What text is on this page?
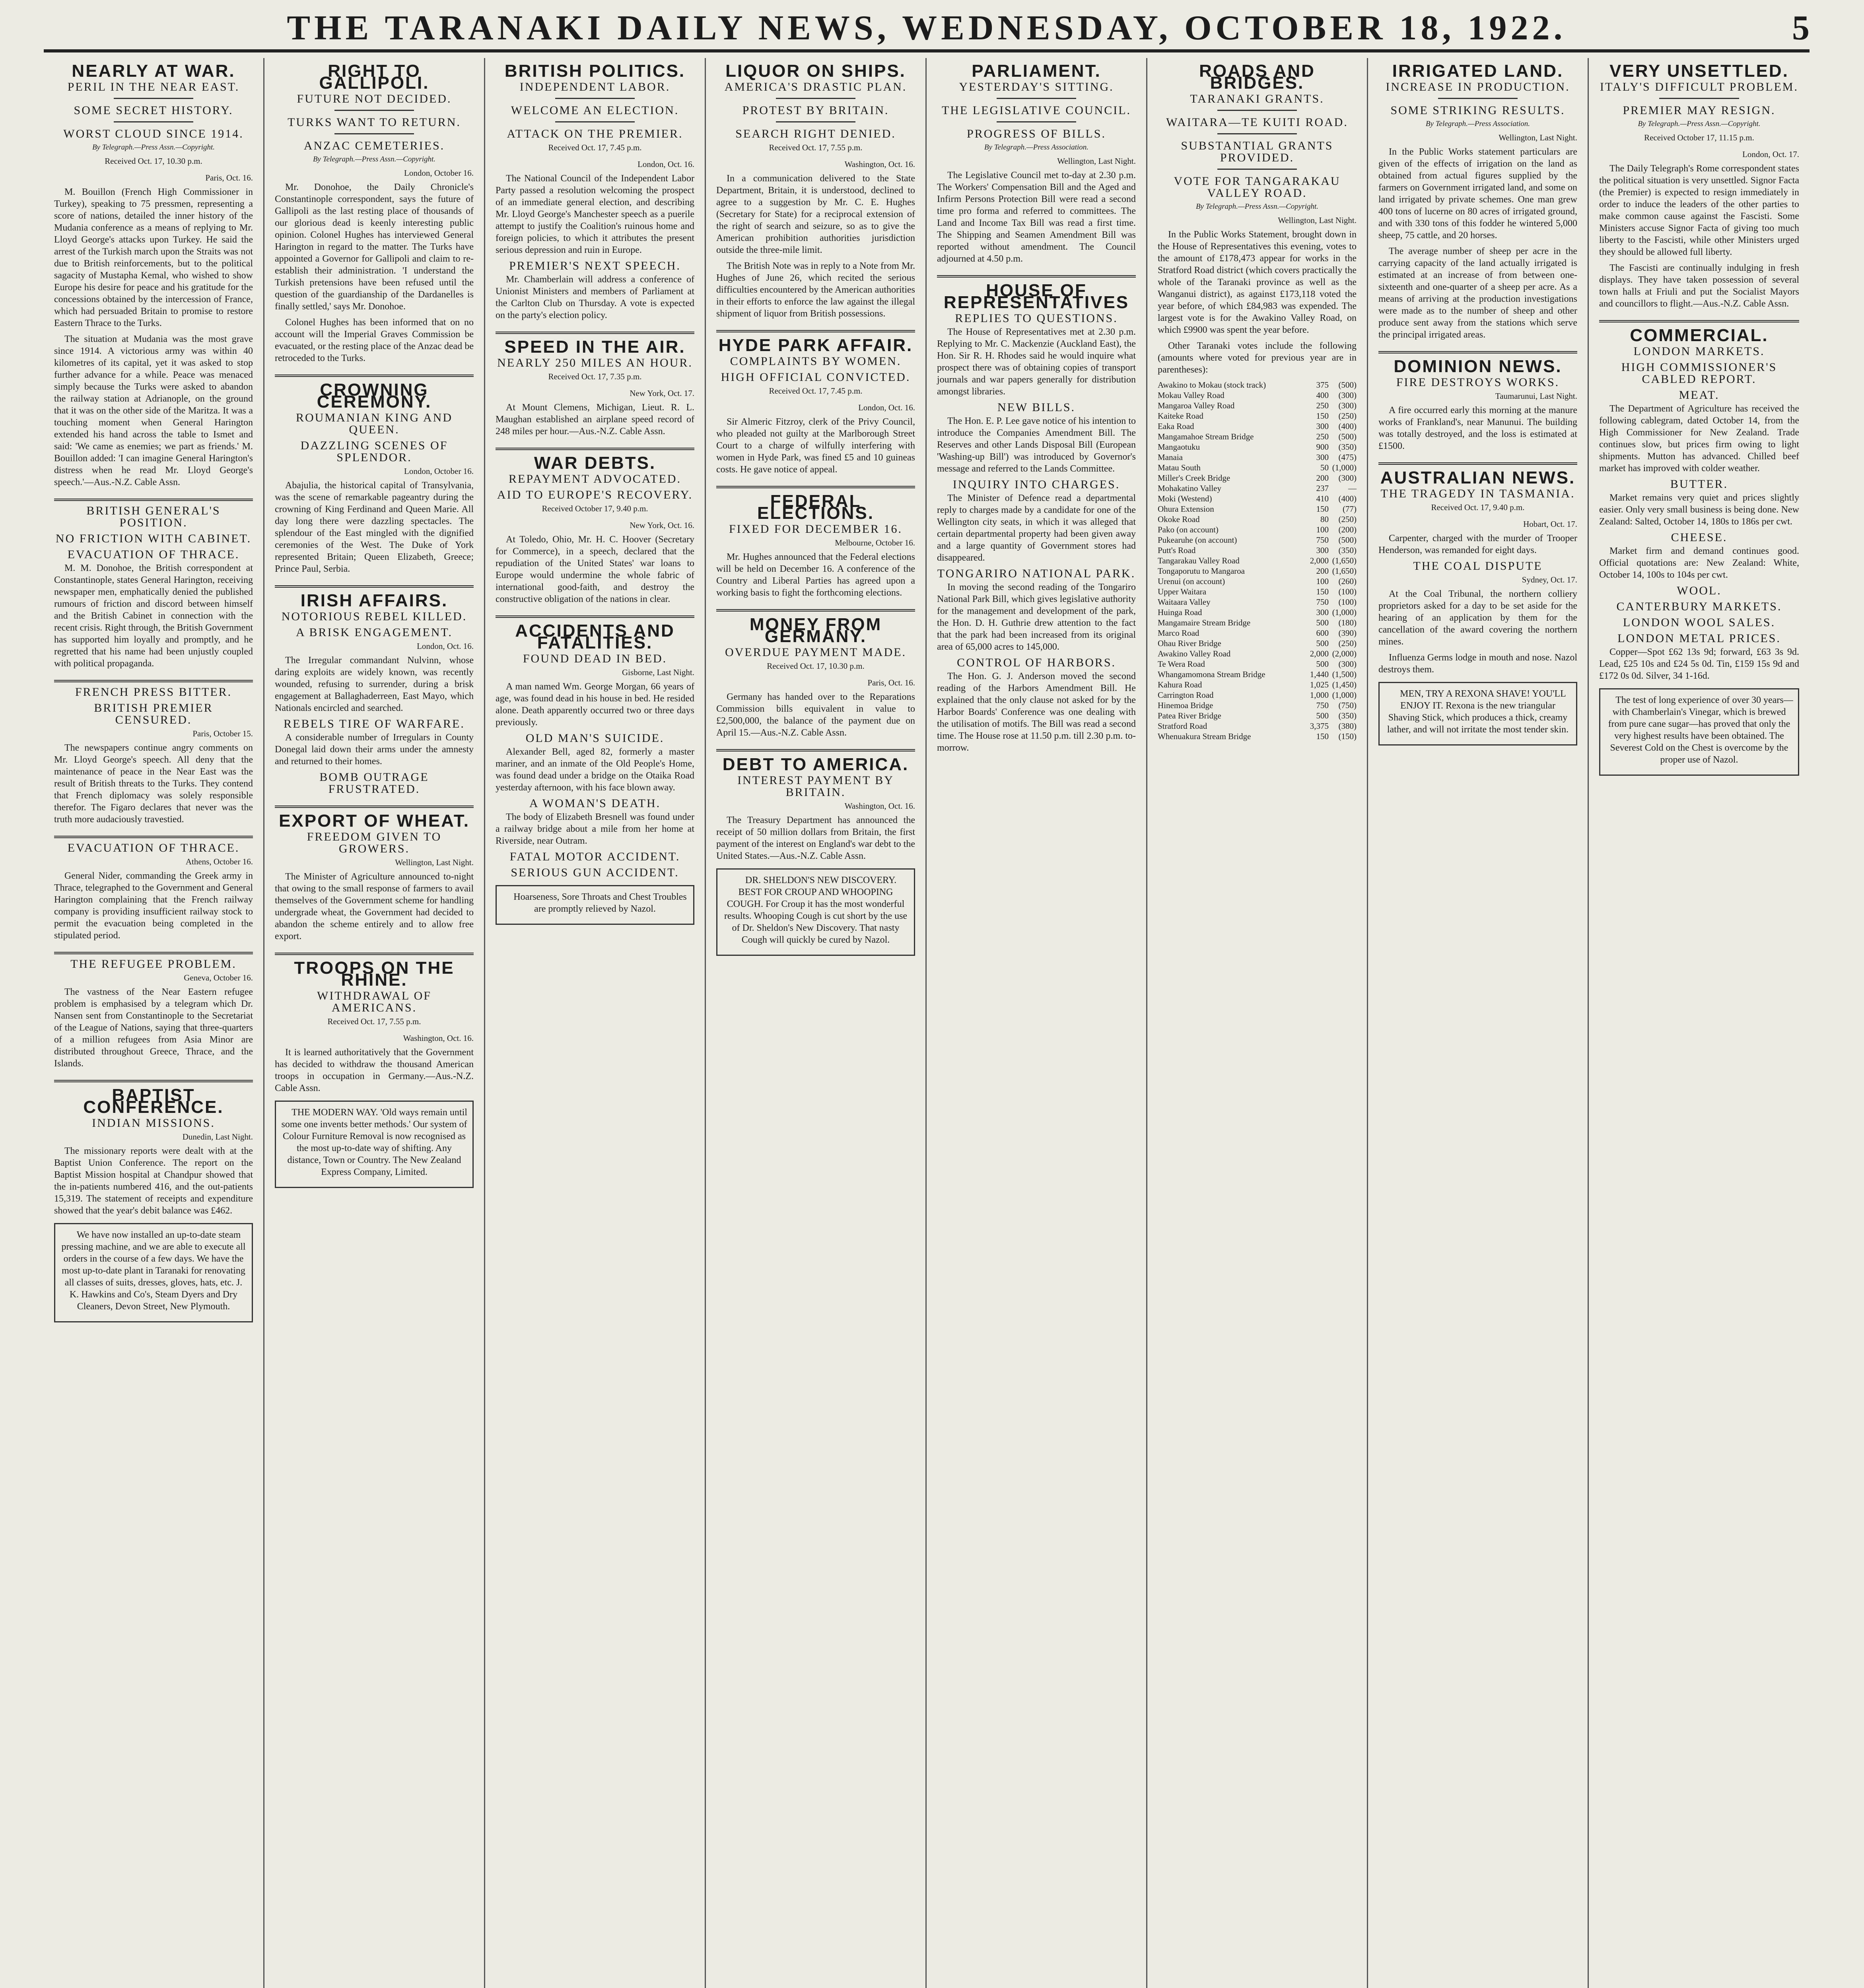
THE TARANAKI DAILY NEWS, WEDNESDAY, OCTOBER 18, 1922.	5
NEARLY AT WAR.
PERIL IN THE NEAR EAST.
SOME SECRET HISTORY.
WORST CLOUD SINCE 1914.
By Telegraph.—Press Assn.—Copyright.
Received Oct. 17, 10.30 p.m.
Paris, Oct. 16.

M. Bouillon (French High Commissioner in Turkey), speaking to 75 pressmen, representing a score of nations, detailed the inner history of the Mudania conference as a means of replying to Mr. Lloyd George's attacks upon Turkey. He said the arrest of the Turkish march upon the Straits was not due to British reinforcements, but to the political sagacity of Mustapha Kemal, who wished to show Europe his desire for peace and his gratitude for the concessions obtained by the intercession of France, which had persuaded Britain to promise to restore Eastern Thrace to the Turks.

The situation at Mudania was the most grave since 1914. A victorious army was within 40 kilometres of its capital, yet it was asked to stop further advance for a while. Peace was menaced simply because the Turks were asked to abandon the railway station at Adrianople, on the ground that it was on the other side of the Maritza. It was a touching moment when General Harington extended his hand across the table to Ismet and said: 'We came as enemies; we part as friends.' M. Bouillon added: 'I can imagine General Harington's distress when he read Mr. Lloyd George's speech.'—Aus.-N.Z. Cable Assn.

BRITISH GENERAL'S POSITION.
NO FRICTION WITH CABINET.
EVACUATION OF THRACE.

M. M. Donohoe, the British correspondent at Constantinople, states General Harington, receiving newspaper men, emphatically denied the published rumours of friction and discord between himself and the British Cabinet in connection with the recent crisis. Right through, the British Government has supported him loyally and promptly, and he regretted that his name had been unjustly coupled with political propaganda.

FRENCH PRESS BITTER.
BRITISH PREMIER CENSURED.
Paris, October 15.

The newspapers continue angry comments on Mr. Lloyd George's speech. All deny that the maintenance of peace in the Near East was the result of British threats to the Turks. They contend that French diplomacy was solely responsible therefor. The Figaro declares that never was the truth more audaciously travestied.

EVACUATION OF THRACE.
Athens, October 16.

General Nider, commanding the Greek army in Thrace, telegraphed to the Government and General Harington complaining that the French railway company is providing insufficient railway stock to permit the evacuation being completed in the stipulated period.

THE REFUGEE PROBLEM.
Geneva, October 16.

The vastness of the Near Eastern refugee problem is emphasised by a telegram which Dr. Nansen sent from Constantinople to the Secretariat of the League of Nations, saying that three-quarters of a million refugees from Asia Minor are distributed throughout Greece, Thrace, and the Islands.

BAPTIST CONFERENCE.
INDIAN MISSIONS.
Dunedin, Last Night.

The missionary reports were dealt with at the Baptist Union Conference. The report on the Baptist Mission hospital at Chandpur showed that the in-patients numbered 416, and the out-patients 15,319. The statement of receipts and expenditure showed that the year's debit balance was £462.

We have now installed an up-to-date steam pressing machine, and we are able to execute all orders in the course of a few days. We have the most up-to-date plant in Taranaki for renovating all classes of suits, dresses, gloves, hats, etc. J. K. Hawkins and Co's, Steam Dyers and Dry Cleaners, Devon Street, New Plymouth.

RIGHT TO GALLIPOLI.
FUTURE NOT DECIDED.
TURKS WANT TO RETURN.
ANZAC CEMETERIES.
By Telegraph.—Press Assn.—Copyright.
London, October 16.

Mr. Donohoe, the Daily Chronicle's Constantinople correspondent, says the future of Gallipoli as the last resting place of thousands of our glorious dead is keenly interesting public opinion. Colonel Hughes has interviewed General Harington in regard to the matter. The Turks have appointed a Governor for Gallipoli and claim to re-establish their administration. 'I understand the Turkish pretensions have been refused until the question of the guardianship of the Dardanelles is finally settled,' says Mr. Donohoe.

Colonel Hughes has been informed that on no account will the Imperial Graves Commission be evacuated, or the resting place of the Anzac dead be retroceded to the Turks.

CROWNING CEREMONY.
ROUMANIAN KING AND QUEEN.
DAZZLING SCENES OF SPLENDOR.
London, October 16.

Abajulia, the historical capital of Transylvania, was the scene of remarkable pageantry during the crowning of King Ferdinand and Queen Marie. All day long there were dazzling spectacles. The splendour of the East mingled with the dignified ceremonies of the West. The Duke of York represented Britain; Queen Elizabeth, Greece; Prince Paul, Serbia.

IRISH AFFAIRS.
NOTORIOUS REBEL KILLED.
A BRISK ENGAGEMENT.
London, Oct. 16.

The Irregular commandant Nulvinn, whose daring exploits are widely known, was recently wounded, refusing to surrender, during a brisk engagement at Ballaghaderreen, East Mayo, which Nationals encircled and searched.

REBELS TIRE OF WARFARE.

A considerable number of Irregulars in County Donegal laid down their arms under the amnesty and returned to their homes.

BOMB OUTRAGE FRUSTRATED.
EXPORT OF WHEAT.
FREEDOM GIVEN TO GROWERS.
Wellington, Last Night.

The Minister of Agriculture announced to-night that owing to the small response of farmers to avail themselves of the Government scheme for handling undergrade wheat, the Government had decided to abandon the scheme entirely and to allow free export.

TROOPS ON THE RHINE.
WITHDRAWAL OF AMERICANS.
Received Oct. 17, 7.55 p.m.
Washington, Oct. 16.

It is learned authoritatively that the Government has decided to withdraw the thousand American troops in occupation in Germany.—Aus.-N.Z. Cable Assn.

THE MODERN WAY. 'Old ways remain until some one invents better methods.' Our system of Colour Furniture Removal is now recognised as the most up-to-date way of shifting. Any distance, Town or Country. The New Zealand Express Company, Limited.

BRITISH POLITICS.
INDEPENDENT LABOR.
WELCOME AN ELECTION.
ATTACK ON THE PREMIER.
Received Oct. 17, 7.45 p.m.
London, Oct. 16.

The National Council of the Independent Labor Party passed a resolution welcoming the prospect of an immediate general election, and describing Mr. Lloyd George's Manchester speech as a puerile attempt to justify the Coalition's ruinous home and foreign policies, to which it attributes the present serious depression and ruin in Europe.

PREMIER'S NEXT SPEECH.

Mr. Chamberlain will address a conference of Unionist Ministers and members of Parliament at the Carlton Club on Thursday. A vote is expected on the party's election policy.

SPEED IN THE AIR.
NEARLY 250 MILES AN HOUR.
Received Oct. 17, 7.35 p.m.
New York, Oct. 17.

At Mount Clemens, Michigan, Lieut. R. L. Maughan established an airplane speed record of 248 miles per hour.—Aus.-N.Z. Cable Assn.

WAR DEBTS.
REPAYMENT ADVOCATED.
AID TO EUROPE'S RECOVERY.
Received October 17, 9.40 p.m.
New York, Oct. 16.

At Toledo, Ohio, Mr. H. C. Hoover (Secretary for Commerce), in a speech, declared that the repudiation of the United States' war loans to Europe would undermine the whole fabric of international good-faith, and destroy the constructive obligation of the nations in clear.

ACCIDENTS AND FATALITIES.
FOUND DEAD IN BED.
Gisborne, Last Night.

A man named Wm. George Morgan, 66 years of age, was found dead in his house in bed. He resided alone. Death apparently occurred two or three days previously.

OLD MAN'S SUICIDE.

Alexander Bell, aged 82, formerly a master mariner, and an inmate of the Old People's Home, was found dead under a bridge on the Otaika Road yesterday afternoon, with his face blown away.

A WOMAN'S DEATH.

The body of Elizabeth Bresnell was found under a railway bridge about a mile from her home at Riverside, near Outram.

FATAL MOTOR ACCIDENT.
SERIOUS GUN ACCIDENT.

Hoarseness, Sore Throats and Chest Troubles are promptly relieved by Nazol.

LIQUOR ON SHIPS.
AMERICA'S DRASTIC PLAN.
PROTEST BY BRITAIN.
SEARCH RIGHT DENIED.
Received Oct. 17, 7.55 p.m.
Washington, Oct. 16.

In a communication delivered to the State Department, Britain, it is understood, declined to agree to a suggestion by Mr. C. E. Hughes (Secretary for State) for a reciprocal extension of the right of search and seizure, so as to give the American prohibition authorities jurisdiction outside the three-mile limit.

The British Note was in reply to a Note from Mr. Hughes of June 26, which recited the serious difficulties encountered by the American authorities in their efforts to enforce the law against the illegal shipment of liquor from British possessions.

HYDE PARK AFFAIR.
COMPLAINTS BY WOMEN.
HIGH OFFICIAL CONVICTED.
Received Oct. 17, 7.45 p.m.
London, Oct. 16.

Sir Almeric Fitzroy, clerk of the Privy Council, who pleaded not guilty at the Marlborough Street Court to a charge of wilfully interfering with women in Hyde Park, was fined £5 and 10 guineas costs. He gave notice of appeal.

FEDERAL ELECTIONS.
FIXED FOR DECEMBER 16.
Melbourne, October 16.

Mr. Hughes announced that the Federal elections will be held on December 16. A conference of the Country and Liberal Parties has agreed upon a working basis to fight the forthcoming elections.

MONEY FROM GERMANY.
OVERDUE PAYMENT MADE.
Received Oct. 17, 10.30 p.m.
Paris, Oct. 16.

Germany has handed over to the Reparations Commission bills equivalent in value to £2,500,000, the balance of the payment due on April 15.—Aus.-N.Z. Cable Assn.

DEBT TO AMERICA.
INTEREST PAYMENT BY BRITAIN.
Washington, Oct. 16.

The Treasury Department has announced the receipt of 50 million dollars from Britain, the first payment of the interest on England's war debt to the United States.—Aus.-N.Z. Cable Assn.

DR. SHELDON'S NEW DISCOVERY. BEST FOR CROUP AND WHOOPING COUGH. For Croup it has the most wonderful results. Whooping Cough is cut short by the use of Dr. Sheldon's New Discovery. That nasty Cough will quickly be cured by Nazol.

PARLIAMENT.
YESTERDAY'S SITTING.
THE LEGISLATIVE COUNCIL.
PROGRESS OF BILLS.
By Telegraph.—Press Association.
Wellington, Last Night.

The Legislative Council met to-day at 2.30 p.m. The Workers' Compensation Bill and the Aged and Infirm Persons Protection Bill were read a second time pro forma and referred to committees. The Land and Income Tax Bill was read a first time. The Shipping and Seamen Amendment Bill was reported without amendment. The Council adjourned at 4.50 p.m.

HOUSE OF REPRESENTATIVES
REPLIES TO QUESTIONS.

The House of Representatives met at 2.30 p.m. Replying to Mr. C. Mackenzie (Auckland East), the Hon. Sir R. H. Rhodes said he would inquire what prospect there was of obtaining copies of transport journals and war papers generally for distribution amongst libraries.

NEW BILLS.

The Hon. E. P. Lee gave notice of his intention to introduce the Companies Amendment Bill. The Reserves and other Lands Disposal Bill (European 'Washing-up Bill') was introduced by Governor's message and referred to the Lands Committee.

INQUIRY INTO CHARGES.

The Minister of Defence read a departmental reply to charges made by a candidate for one of the Wellington city seats, in which it was alleged that certain departmental property had been given away and a large quantity of Government stores had disappeared.

TONGARIRO NATIONAL PARK.

In moving the second reading of the Tongariro National Park Bill, which gives legislative authority for the management and development of the park, the Hon. D. H. Guthrie drew attention to the fact that the park had been increased from its original area of 65,000 acres to 145,000.

CONTROL OF HARBORS.

The Hon. G. J. Anderson moved the second reading of the Harbors Amendment Bill. He explained that the only clause not asked for by the Harbor Boards' Conference was one dealing with the utilisation of motifs. The Bill was read a second time. The House rose at 11.50 p.m. till 2.30 p.m. to-morrow.

ROADS AND BRIDGES.
TARANAKI GRANTS.
WAITARA—TE KUITI ROAD.
SUBSTANTIAL GRANTS PROVIDED.
VOTE FOR TANGARAKAU VALLEY ROAD.
By Telegraph.—Press Assn.—Copyright.
Wellington, Last Night.

In the Public Works Statement, brought down in the House of Representatives this evening, votes to the amount of £178,473 appear for works in the Stratford Road district (which covers practically the whole of the Taranaki province as well as the Wanganui district), as against £173,118 voted the year before, of which £84,983 was expended. The largest vote is for the Awakino Valley Road, on which £9900 was spent the year before.

Other Taranaki votes include the following (amounts where voted for previous year are in parentheses):

Awakino to Mokau (stock track)	375	(500)
Mokau Valley Road	400	(300)
Mangaroa Valley Road	250	(300)
Kaiteke Road	150	(250)
Eaka Road	300	(400)
Mangamahoe Stream Bridge	250	(500)
Mangaotuku	900	(350)
Manaia	300	(475)
Matau South	50 (1,000)
Miller's Creek Bridge	200	(300)
Mohakatino Valley	237	—
Moki (Westend)	410	(400)
Ohura Extension	150	(77)
Okoke Road	80	(250)
Pako (on account)	100	(200)
Pukearuhe (on account)	750	(500)
Putt's Road	300	(350)
Tangarakau Valley Road	2,000 (1,650)
Tongaporutu to Mangaroa	200 (1,650)
Urenui (on account)	100	(260)
Upper Waitara	150	(100)
Waitaara Valley	750	(100)
Huinga Road	300 (1,000)
Mangamaire Stream Bridge	500	(180)
Marco Road	600	(390)
Ohau River Bridge	500	(250)
Awakino Valley Road	2,000 (2,000)
Te Wera Road	500	(300)
Whangamomona Stream Bridge	1,440 (1,500)
Kahura Road	1,025 (1,450)
Carrington Road	1,000 (1,000)
Hinemoa Bridge	750	(750)
Patea River Bridge	500	(350)
Stratford Road	3,375	(380)
Whenuakura Stream Bridge	150	(150)
IRRIGATED LAND.
INCREASE IN PRODUCTION.
SOME STRIKING RESULTS.
By Telegraph.—Press Association.
Wellington, Last Night.

In the Public Works statement particulars are given of the effects of irrigation on the land as obtained from actual figures supplied by the farmers on Government irrigated land, and some on land irrigated by private schemes. One man grew 400 tons of lucerne on 80 acres of irrigated ground, and with 330 tons of this fodder he wintered 5,000 sheep, 75 cattle, and 20 horses.

The average number of sheep per acre in the carrying capacity of the land actually irrigated is estimated at an increase of from between one-sixteenth and one-quarter of a sheep per acre. As a means of arriving at the production investigations were made as to the number of sheep and other produce sent away from the stations which serve the principal irrigated areas.

DOMINION NEWS.
FIRE DESTROYS WORKS.
Taumarunui, Last Night.

A fire occurred early this morning at the manure works of Frankland's, near Manunui. The building was totally destroyed, and the loss is estimated at £1500.

AUSTRALIAN NEWS.
THE TRAGEDY IN TASMANIA.
Received Oct. 17, 9.40 p.m.
Hobart, Oct. 17.

Carpenter, charged with the murder of Trooper Henderson, was remanded for eight days.

THE COAL DISPUTE
Sydney, Oct. 17.

At the Coal Tribunal, the northern colliery proprietors asked for a day to be set aside for the hearing of an application by them for the cancellation of the award covering the northern mines.

Influenza Germs lodge in mouth and nose. Nazol destroys them.

MEN, TRY A REXONA SHAVE! YOU'LL ENJOY IT. Rexona is the new triangular Shaving Stick, which produces a thick, creamy lather, and will not irritate the most tender skin.

VERY UNSETTLED.
ITALY'S DIFFICULT PROBLEM.
PREMIER MAY RESIGN.
By Telegraph.—Press Assn.—Copyright.
Received October 17, 11.15 p.m.
London, Oct. 17.

The Daily Telegraph's Rome correspondent states the political situation is very unsettled. Signor Facta (the Premier) is expected to resign immediately in order to induce the leaders of the other parties to make common cause against the Fascisti. Some Ministers accuse Signor Facta of giving too much liberty to the Fascisti, while other Ministers urged they should be allowed full liberty.

The Fascisti are continually indulging in fresh displays. They have taken possession of several town halls at Friuli and put the Socialist Mayors and councillors to flight.—Aus.-N.Z. Cable Assn.

COMMERCIAL.
LONDON MARKETS.
HIGH COMMISSIONER'S CABLED REPORT.
MEAT.

The Department of Agriculture has received the following cablegram, dated October 14, from the High Commissioner for New Zealand. Trade continues slow, but prices firm owing to light shipments. Mutton has advanced. Chilled beef market has improved with colder weather.

BUTTER.

Market remains very quiet and prices slightly easier. Only very small business is being done. New Zealand: Salted, October 14, 180s to 186s per cwt.

CHEESE.

Market firm and demand continues good. Official quotations are: New Zealand: White, October 14, 100s to 104s per cwt.

WOOL.
CANTERBURY MARKETS.
LONDON WOOL SALES.
LONDON METAL PRICES.

Copper—Spot £62 13s 9d; forward, £63 3s 9d. Lead, £25 10s and £24 5s 0d. Tin, £159 15s 9d and £172 0s 0d. Silver, 34 1-16d.

The test of long experience of over 30 years—with Chamberlain's Vinegar, which is brewed from pure cane sugar—has proved that only the very highest results have been obtained. The Severest Cold on the Chest is overcome by the proper use of Nazol.
